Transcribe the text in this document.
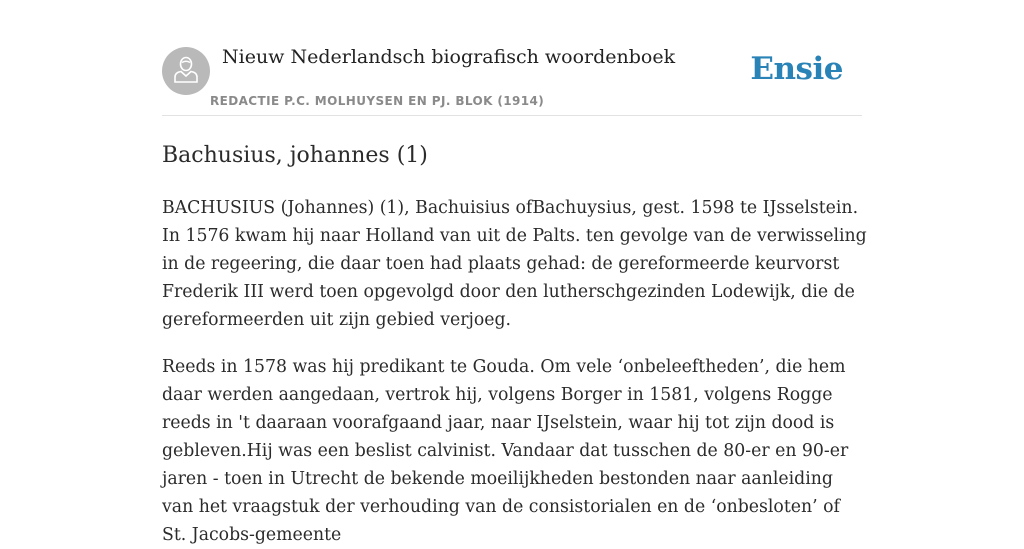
Nieuw Nederlandsch biografisch woordenboek
REDACTIE P.C. MOLHUYSEN EN PJ. BLOK (1914)
Ensie
Bachusius, johannes (1)

BACHUSIUS (Johannes) (1), Bachuisius ofBachuysius, gest. 1598 te IJsselstein. In 1576 kwam hij naar Holland van uit de Palts. ten gevolge van de verwisseling in de regeering, die daar toen had plaats gehad: de gereformeerde keurvorst Frederik III werd toen opgevolgd door den lutherschgezinden Lodewijk, die de gereformeerden uit zijn gebied verjoeg.

Reeds in 1578 was hij predikant te Gouda. Om vele ‘onbeleeftheden’, die hem daar werden aangedaan, vertrok hij, volgens Borger in 1581, volgens Rogge reeds in 't daaraan voorafgaand jaar, naar IJselstein, waar hij tot zijn dood is gebleven.Hij was een beslist calvinist. Vandaar dat tusschen de 80-er en 90-er jaren - toen in Utrecht de bekende moeilijkheden bestonden naar aanleiding van het vraagstuk der verhouding van de consistorialen en de ‘onbesloten’ of St. Jacobs-gemeente
